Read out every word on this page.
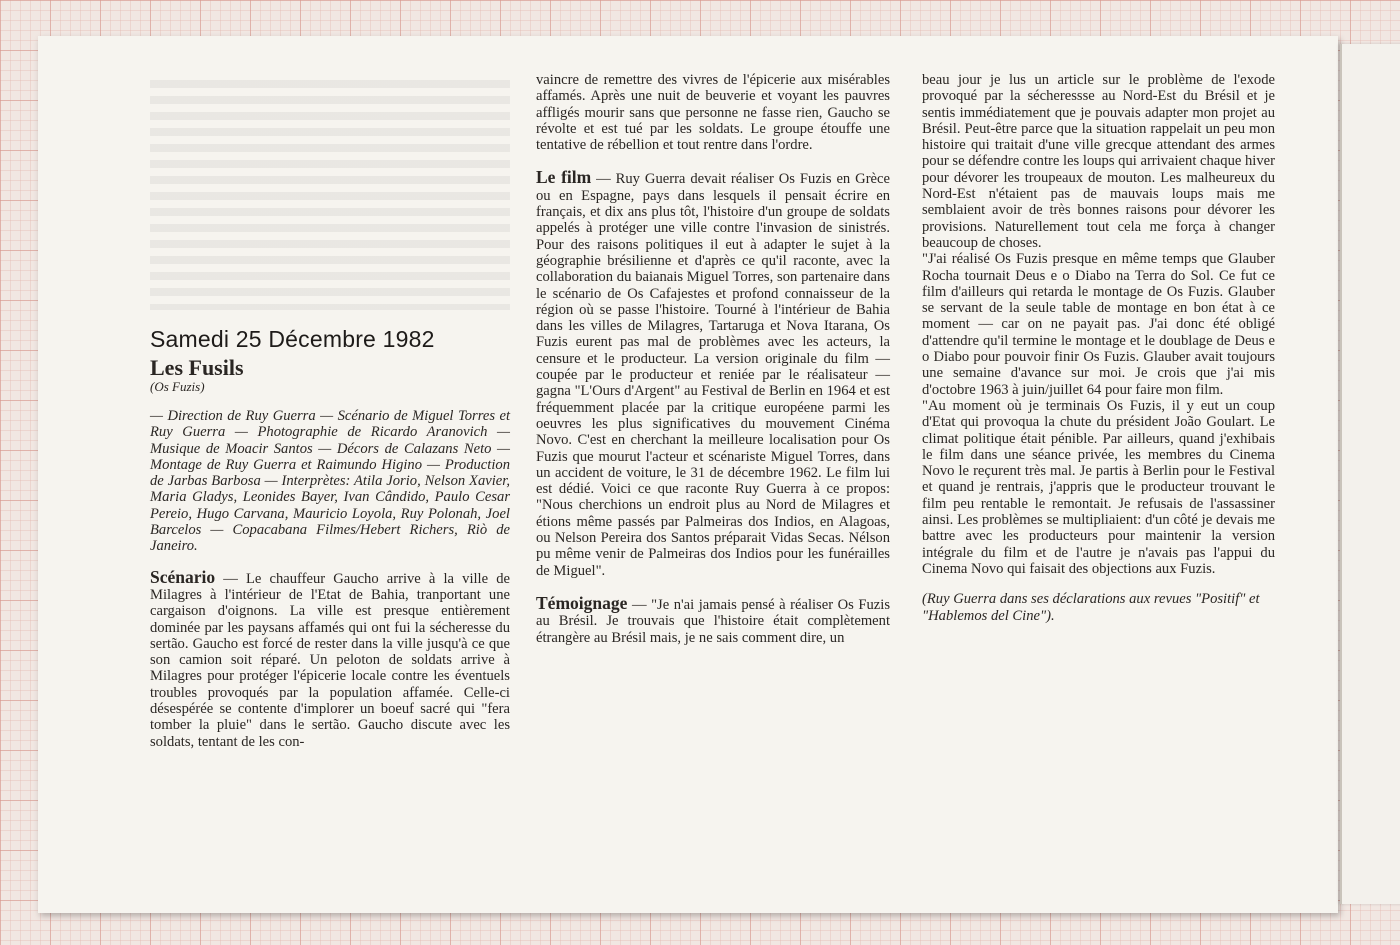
Samedi 25 Décembre 1982
Les Fusils
(Os Fuzis)

— Direction de Ruy Guerra — Scénario de Miguel Torres et Ruy Guerra — Photographie de Ricardo Aranovich — Musique de Moacir Santos — Décors de Calazans Neto — Montage de Ruy Guerra et Raimundo Higino — Production de Jarbas Barbosa — Interprètes: Atila Jorio, Nelson Xavier, Maria Gladys, Leonides Bayer, Ivan Cândido, Paulo Cesar Pereio, Hugo Carvana, Mauricio Loyola, Ruy Polonah, Joel Barcelos — Copacabana Filmes/Hebert Richers, Riò de Janeiro.

Scénario — Le chauffeur Gaucho arrive à la ville de Milagres à l'intérieur de l'Etat de Bahia, tranportant une cargaison d'oignons. La ville est presque entièrement dominée par les paysans affamés qui ont fui la sécheresse du sertão. Gaucho est forcé de rester dans la ville jusqu'à ce que son camion soit réparé. Un peloton de soldats arrive à Milagres pour protéger l'épicerie locale contre les éventuels troubles provoqués par la population affamée. Celle-ci désespérée se contente d'implorer un boeuf sacré qui "fera tomber la pluie" dans le sertão. Gaucho discute avec les soldats, tentant de les con-

vaincre de remettre des vivres de l'épicerie aux misérables affamés. Après une nuit de beuverie et voyant les pauvres affligés mourir sans que personne ne fasse rien, Gaucho se révolte et est tué par les soldats. Le groupe étouffe une tentative de rébellion et tout rentre dans l'ordre.

Le film — Ruy Guerra devait réaliser Os Fuzis en Grèce ou en Espagne, pays dans lesquels il pensait écrire en français, et dix ans plus tôt, l'histoire d'un groupe de soldats appelés à protéger une ville contre l'invasion de sinistrés. Pour des raisons politiques il eut à adapter le sujet à la géographie brésilienne et d'après ce qu'il raconte, avec la collaboration du baianais Miguel Torres, son partenaire dans le scénario de Os Cafajestes et profond connaisseur de la région où se passe l'histoire. Tourné à l'intérieur de Bahia dans les villes de Milagres, Tartaruga et Nova Itarana, Os Fuzis eurent pas mal de problèmes avec les acteurs, la censure et le producteur. La version originale du film — coupée par le producteur et reniée par le réalisateur — gagna "L'Ours d'Argent" au Festival de Berlin en 1964 et est fréquemment placée par la critique européene parmi les oeuvres les plus significatives du mouvement Cinéma Novo. C'est en cherchant la meilleure localisation pour Os Fuzis que mourut l'acteur et scénariste Miguel Torres, dans un accident de voiture, le 31 de décembre 1962. Le film lui est dédié. Voici ce que raconte Ruy Guerra à ce propos: "Nous cherchions un endroit plus au Nord de Milagres et étions même passés par Palmeiras dos Indios, en Alagoas, ou Nelson Pereira dos Santos préparait Vidas Secas. Nélson pu même venir de Palmeiras dos Indios pour les funérailles de Miguel".

Témoignage — "Je n'ai jamais pensé à réaliser Os Fuzis au Brésil. Je trouvais que l'histoire était complètement étrangère au Brésil mais, je ne sais comment dire, un

beau jour je lus un article sur le problème de l'exode provoqué par la sécheressse au Nord-Est du Brésil et je sentis immédiatement que je pouvais adapter mon projet au Brésil. Peut-être parce que la situation rappelait un peu mon histoire qui traitait d'une ville grecque attendant des armes pour se défendre contre les loups qui arrivaient chaque hiver pour dévorer les troupeaux de mouton. Les malheureux du Nord-Est n'étaient pas de mauvais loups mais me semblaient avoir de très bonnes raisons pour dévorer les provisions. Naturellement tout cela me força à changer beaucoup de choses.

"J'ai réalisé Os Fuzis presque en même temps que Glauber Rocha tournait Deus e o Diabo na Terra do Sol. Ce fut ce film d'ailleurs qui retarda le montage de Os Fuzis. Glauber se servant de la seule table de montage en bon état à ce moment — car on ne payait pas. J'ai donc été obligé d'attendre qu'il termine le montage et le doublage de Deus e o Diabo pour pouvoir finir Os Fuzis. Glauber avait toujours une semaine d'avance sur moi. Je crois que j'ai mis d'octobre 1963 à juin/juillet 64 pour faire mon film.

"Au moment où je terminais Os Fuzis, il y eut un coup d'Etat qui provoqua la chute du président João Goulart. Le climat politique était pénible. Par ailleurs, quand j'exhibais le film dans une séance privée, les membres du Cinema Novo le reçurent très mal. Je partis à Berlin pour le Festival et quand je rentrais, j'appris que le producteur trouvant le film peu rentable le remontait. Je refusais de l'assassiner ainsi. Les problèmes se multipliaient: d'un côté je devais me battre avec les producteurs pour maintenir la version intégrale du film et de l'autre je n'avais pas l'appui du Cinema Novo qui faisait des objections aux Fuzis.

(Ruy Guerra dans ses déclarations aux revues "Positif" et "Hablemos del Cine").
